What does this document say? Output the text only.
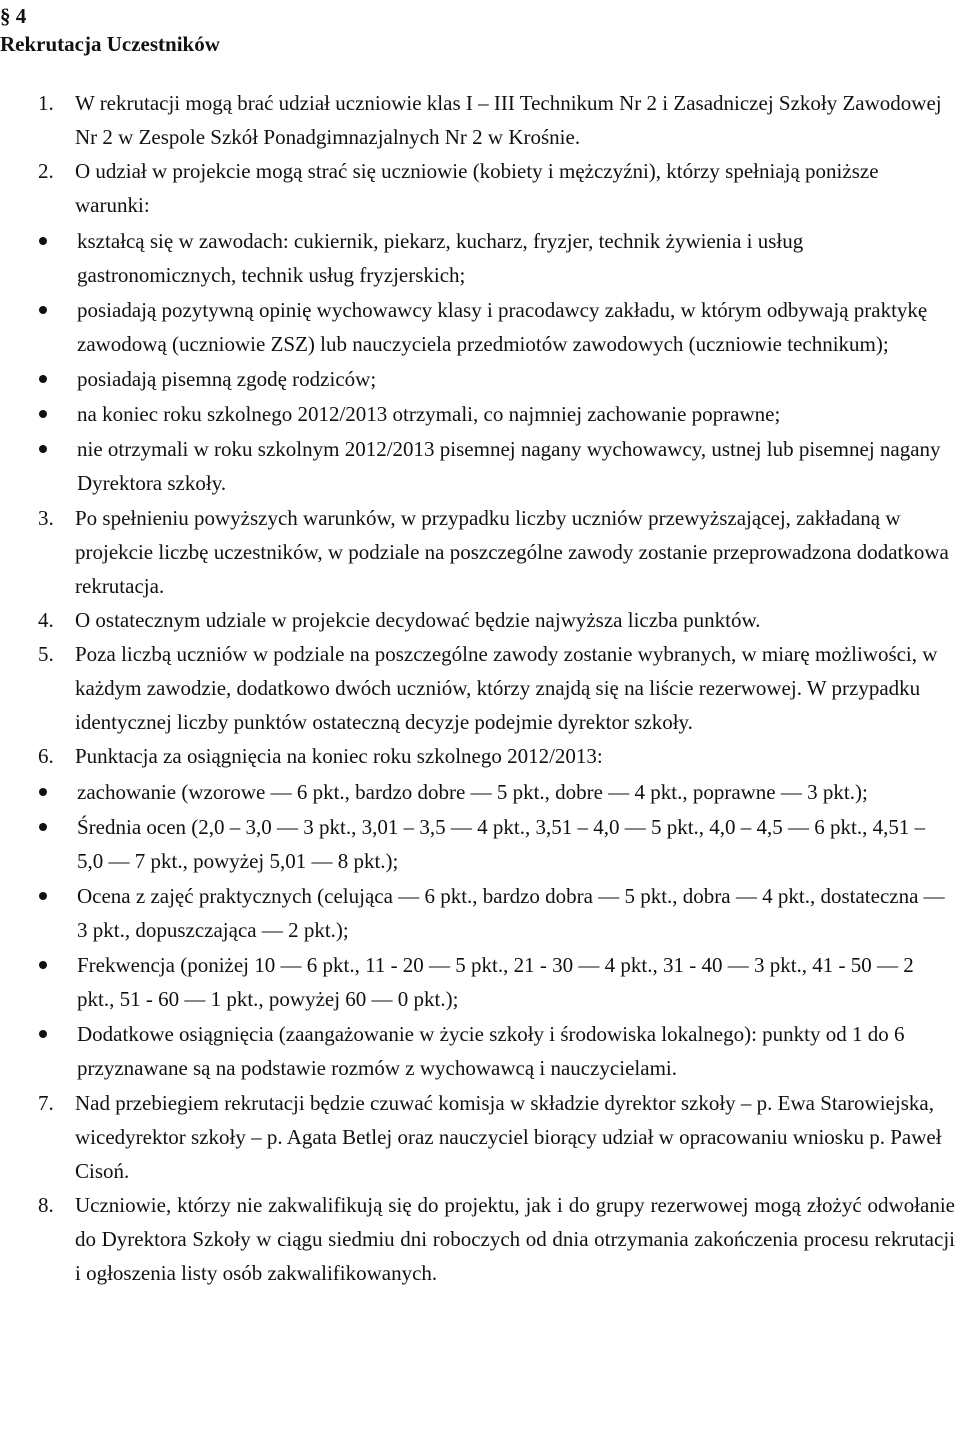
§ 4
Rekrutacja Uczestników
1. W rekrutacji mogą brać udział uczniowie klas I – III Technikum Nr 2 i Zasadniczej Szkoły Zawodowej Nr 2 w Zespole Szkół Ponadgimnazjalnych Nr 2 w Krośnie.
2. O udział w projekcie mogą strać się uczniowie (kobiety i mężczyźni), którzy spełniają poniższe warunki:
kształcą się w zawodach: cukiernik, piekarz, kucharz, fryzjer, technik żywienia i usług gastronomicznych, technik usług fryzjerskich;
posiadają pozytywną opinię wychowawcy klasy i pracodawcy zakładu, w którym odbywają praktykę zawodową (uczniowie ZSZ) lub nauczyciela przedmiotów zawodowych (uczniowie technikum);
posiadają pisemną zgodę rodziców;
na koniec roku szkolnego 2012/2013 otrzymali, co najmniej zachowanie poprawne;
nie otrzymali w roku szkolnym 2012/2013 pisemnej nagany wychowawcy, ustnej lub pisemnej nagany Dyrektora szkoły.
3. Po spełnieniu powyższych warunków, w przypadku liczby uczniów przewyższającej, zakładaną w projekcie liczbę uczestników, w podziale na poszczególne zawody zostanie przeprowadzona dodatkowa rekrutacja.
4. O ostatecznym udziale w projekcie decydować będzie najwyższa liczba punktów.
5. Poza liczbą uczniów w podziale na poszczególne zawody zostanie wybranych, w miarę możliwości, w każdym zawodzie, dodatkowo dwóch uczniów, którzy znajdą się na liście rezerwowej. W przypadku identycznej liczby punktów ostateczną decyzje podejmie dyrektor szkoły.
6. Punktacja za osiągnięcia na koniec roku szkolnego 2012/2013:
zachowanie (wzorowe — 6 pkt., bardzo dobre — 5 pkt., dobre — 4 pkt., poprawne — 3 pkt.);
Średnia ocen (2,0 – 3,0 — 3 pkt., 3,01 – 3,5 — 4 pkt., 3,51 – 4,0 — 5 pkt., 4,0 – 4,5 — 6 pkt., 4,51 – 5,0 — 7 pkt., powyżej 5,01 — 8 pkt.);
Ocena z zajęć praktycznych (celująca — 6 pkt., bardzo dobra — 5 pkt., dobra — 4 pkt., dostateczna — 3 pkt., dopuszczająca — 2 pkt.);
Frekwencja (poniżej 10 — 6 pkt., 11 - 20 — 5 pkt., 21 - 30 — 4 pkt., 31 - 40 — 3 pkt., 41 - 50 — 2 pkt., 51 - 60 — 1 pkt., powyżej 60 — 0 pkt.);
Dodatkowe osiągnięcia (zaangażowanie w życie szkoły i środowiska lokalnego): punkty od 1 do 6 przyznawane są na podstawie rozmów z wychowawcą i nauczycielami.
7. Nad przebiegiem rekrutacji będzie czuwać komisja w składzie dyrektor szkoły – p. Ewa Starowiejska, wicedyrektor szkoły – p. Agata Betlej oraz nauczyciel biorący udział w opracowaniu wniosku p. Paweł Cisoń.
8. Uczniowie, którzy nie zakwalifikują się do projektu, jak i do grupy rezerwowej mogą złożyć odwołanie do Dyrektora Szkoły w ciągu siedmiu dni roboczych od dnia otrzymania zakończenia procesu rekrutacji i ogłoszenia listy osób zakwalifikowanych.
